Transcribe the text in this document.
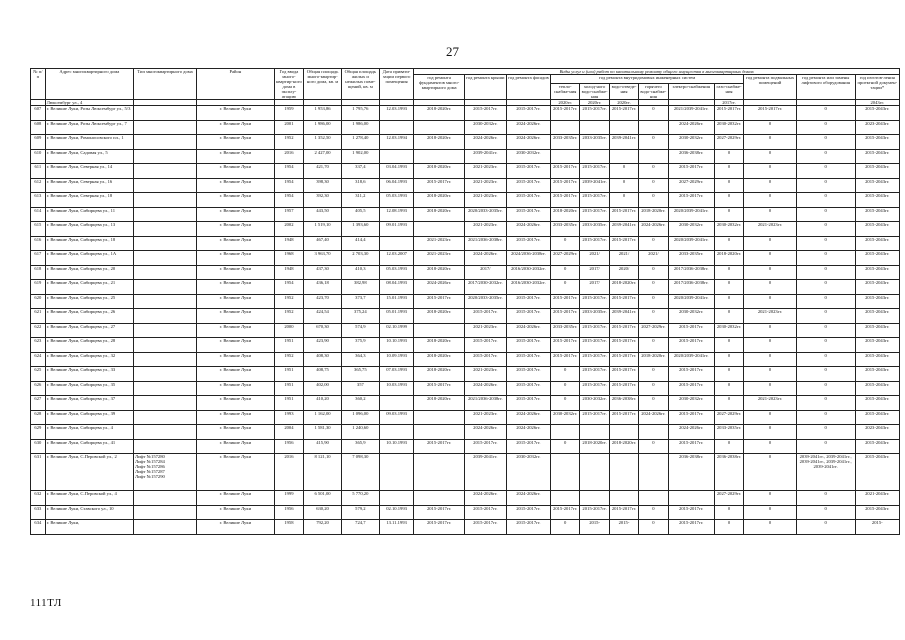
27
№ п/п	Адрес многоквартирного дома	Тип многоквартирного дома	Район	Год ввода много-квартир-ного дома в эксплу-атацию	Общая площадь много-квартир-ного дома, кв. м	Общая площадь жилых и нежилых поме-щений, кв. м	Дата привати-зации первого помещения	Виды услуг и (или) работ по капитальному ремонту общего имущества в многоквартирных домах											
								год ремонта фундаментов много-квартирного дома	год ремонта крыши	год ремонта фасадов	год ремонта внутридомовых инженерных систем						год ремонта подвальных помещений	год ремонта или замены лифтового оборудования	год изготов-ления проектной докумен-тации*
											тепло-снабже-ния	холод-ного водо-снабже-ния	водо-отведе-ния	горячего водо-снабже-ния	электро-снабжения	газо-снабже-ния			
	Люксембург ул., 4										2020гг.	2020гг.	2020гг.			2017гг.			2043гг.
607	г. Великие Луки, Розы Люксембург ул., 5/3		г. Великие Луки	1959	1 953,86	1 795,76	12.03.1993	2018-2020гг.	2015-2017гг.	2015-2017гг.	2015-2017гг.	2015-2017гг.	2015-2017гг.	0	2021/2039-2041гг.	2015-2017гг.	2015-2017гг.	0	2015-2043гг.
608	г. Великие Луки, Розы Люксембург ул., 7		г. Великие Луки	2001	1 986,00	1 986,00			2030-2032гг.	2024-2026гг.					2024-2026гг.	2030-2032гг.	0	0	2023-2043гг.
609	г. Великие Луки, Ромоносовского пл., 1		г. Великие Луки	1952	1 352,50	1 278,40	12.03.1994	2018-2020гг.	2024-2026гг.	2024-2026гг.	2033-2035гг.	2033-2035гг.	2039-2041гг.	0	2030-2032гг.	2027-2029гг.	0	0	2015-2043гг.
610	г. Великие Луки, Садовая ул., 5		г. Великие Луки	2016	2 427,00	1 902,00			2039-2041гг.	2030-2032гг.					2036-2038гг.	0	0	0	2015-2043гг.
611	г. Великие Луки, Северная ул., 14		г. Великие Луки	1954	421,70	337,4	03.04.1993	2018-2020гг.	2021-2023гг.	2015-2017гг.	2015-2017гг.	2015-2017гг.	0	0	2015-2017гг.	0	0	0	2015-2043гг.
612	г. Великие Луки, Северная ул., 16		г. Великие Луки	1954	398,30	318,6	06.04.1993	2015-2017гг.	2021-2023гг.	2015-2017гг.	2015-2017гг.	2039-2041гг.	0	0	2027-2029гг.	0	0	0	2015-2043гг.
613	г. Великие Луки, Северная ул., 18		г. Великие Луки	1954	392,30	311,2	05.03.1993	2018-2020гг.	2021-2023гг.	2015-2017гг.	2015-2017гг.	2015-2017гг.	0	0	2015-2017гг.	0	0	0	2015-2043гг.
614	г. Великие Луки, Сибирцева ул., 11		г. Великие Луки	1957	443,50	405,5	12.08.1993	2018-2020гг.	2020/2033-2035гг.	2015-2017гг.	2018-2020гг.	2015-2017гг.	2015-2017гг.	2018-2020гг.	2020/2039-2041гг.	0	0	0	2015-2043гг.
615	г. Великие Луки, Сибирцева ул., 13		г. Великие Луки	2002	1 519,10	1 393,60	09.01.1993		2021-2023гг.	2024-2026гг.	2033-2035гг.	2033-2035гг.	2039-2041гг.	2024-2026гг.	2030-2032гг.	2030-2032гг.	2021-2023гг.	0	2015-2043гг.
616	г. Великие Луки, Сибирцева ул., 18		г. Великие Луки	1948	467,40	414,4		2021-2023гг.	2021/2036-2038гг.	2015-2017гг.	0	2015-2017гг.	2015-2017гг.	0	2020/2039-2041гг.	0	0	0	2015-2043гг.
617	г. Великие Луки, Сибирцева ул., 1А		г. Великие Луки	1968	3 963,70	2 703,30	12.03.2007	2021-2023гг.	2024-2026гг.	2024/2036-2038гг.	2027-2029гг.	2021/	2021/	2021/	2033-2035гг.	2018-2020гг.	0	0	2015-2043гг.
618	г. Великие Луки, Сибирцева ул., 20		г. Великие Луки	1948	437,30	410,3	05.03.1993	2018-2020гг.	2017/	2016/2030-2032гг.	0	2017/	2020/	0	2017/2036-2038гг.	0	0	0	2015-2043гг.
619	г. Великие Луки, Сибирцева ул., 21		г. Великие Луки	1954	436,18	382,98	08.04.1993	2024-2026гг.	2017/2030-2032гг.	2016/2030-2032гг.	0	2017/	2018-2020гг.	0	2017/2036-2038гг.	0	0	0	2015-2043гг.
620	г. Великие Луки, Сибирцева ул., 25		г. Великие Луки	1952	423,70	373,7	15.01.1993	2015-2017гг.	2020/2033-2035гг.	2015-2017гг.	2015-2017гг.	2015-2017гг.	2015-2017гг.	0	2020/2039-2041гг.	0	0	0	2015-2043гг.
621	г. Великие Луки, Сибирцева ул., 26		г. Великие Луки	1952	424,54	375,24	05.01.1993	2018-2020гг.	2015-2017гг.	2015-2017гг.	2015-2017гг.	2033-2035гг.	2039-2041гг.	0	2030-2032гг.	0	2021-2023гг.	0	2015-2043гг.
622	г. Великие Луки, Сибирцева ул., 27		г. Великие Луки	2000	670,30	574,9	02.10.1999		2021-2023гг.	2024-2026гг.	2033-2035гг.	2015-2017гг.	2015-2017гг.	2027-2029гг.	2015-2017гг.	2030-2032гг.	0	0	2015-2043гг.
623	г. Великие Луки, Сибирцева ул., 28		г. Великие Луки	1951	423,90	375,9	10.10.1993	2018-2020гг.	2015-2017гг.	2015-2017гг.	2015-2017гг.	2015-2017гг.	2015-2017гг.	0	2015-2017гг.	0	0	0	2015-2043гг.
624	г. Великие Луки, Сибирцева ул., 32		г. Великие Луки	1952	408,30	364,3	10.09.1993	2018-2020гг.	2015-2017гг.	2015-2017гг.	2015-2017гг.	2015-2017гг.	2015-2017гг.	2018-2020гг.	2020/2039-2041гг.	0	0	0	2015-2043гг.
625	г. Великие Луки, Сибирцева ул., 33		г. Великие Луки	1951	408,75	365,75	07.03.1993	2018-2020гг.	2021-2023гг.	2015-2017гг.	0	2015-2017гг.	2015-2017гг.	0	2015-2017гг.	0	0	0	2015-2043гг.
626	г. Великие Луки, Сибирцева ул., 35		г. Великие Луки	1951	402,00	357	10.03.1993	2015-2017гг.	2024-2026гг.	2015-2017гг.	0	2015-2017гг.	2015-2017гг.	0	2015-2017гг.	0	0	0	2015-2043гг.
627	г. Великие Луки, Сибирцева ул., 37		г. Великие Луки	1951	410,20	360,2		2018-2020гг.	2021/2036-2038гг.	2015-2017гг.	0	2030-2032гг.	2036-2038гг.	0	2030-2032гг.	0	2021-2023гг.	0	2015-2043гг.
628	г. Великие Луки, Сибирцева ул., 39		г. Великие Луки	1993	1 162,00	1 096,00	09.03.1993		2021-2023гг.	2024-2026гг.	2030-2032гг.	2015-2017гг.	2015-2017гг.	2024-2026гг.	2015-2017гг.	2027-2029гг.	0	0	2015-2043гг.
629	г. Великие Луки, Сибирцева ул., 4		г. Великие Луки	2004	1 581,30	1 240,60			2024-2026гг.	2024-2026гг.					2024-2026гг.	2033-2035гг.	0	0	2023-2043гг.
630	г. Великие Луки, Сибирцева ул., 41		г. Великие Луки	1956	415,90	365,9	10.10.1993	2015-2017гг.	2015-2017гг.	2015-2017гг.	0	2018-2020гг.	2018-2020гг.	0	2015-2017гг.	0	0	0	2015-2043гг.
631	г. Великие Луки, С.Перовской ул., 2	Лифт №157280
Лифт №157284
Лифт №157286
Лифт №157287
Лифт №157290	г. Великие Луки	2016	8 121,10	7 098,30			2039-2041гг.	2030-2032гг.					2036-2038гг.	2036-2038гг.	0	2039-2041гг., 2039-2041гг., 2039-2041гг., 2039-2041гг., 2039-2041гг.	2015-2043гг.
632	г. Великие Луки, С.Перовской ул., 4		г. Великие Луки	1999	6 501,00	5 770,20			2024-2026гг.	2024-2026гг.						2027-2029гг.	0	0	2021-2043гг.
633	г. Великие Луки, Ставского ул., 10		г. Великие Луки	1956	630,20	579,2	02.10.1993	2015-2017гг.	2015-2017гг.	2015-2017гг.	2015-2017гг.	2015-2017гг.	2015-2017гг.	0	2015-2017гг.	0	0	0	2015-2043гг.
634	г. Великие Луки,		г. Великие Луки	1958	792,20	724,7	13.11.1993	2015-2017гг.	2015-2017гг.	2015-2017гг.	0	2015-	2015-	0	2015-2017гг.	0	0	0	2015-
111ТЛ
